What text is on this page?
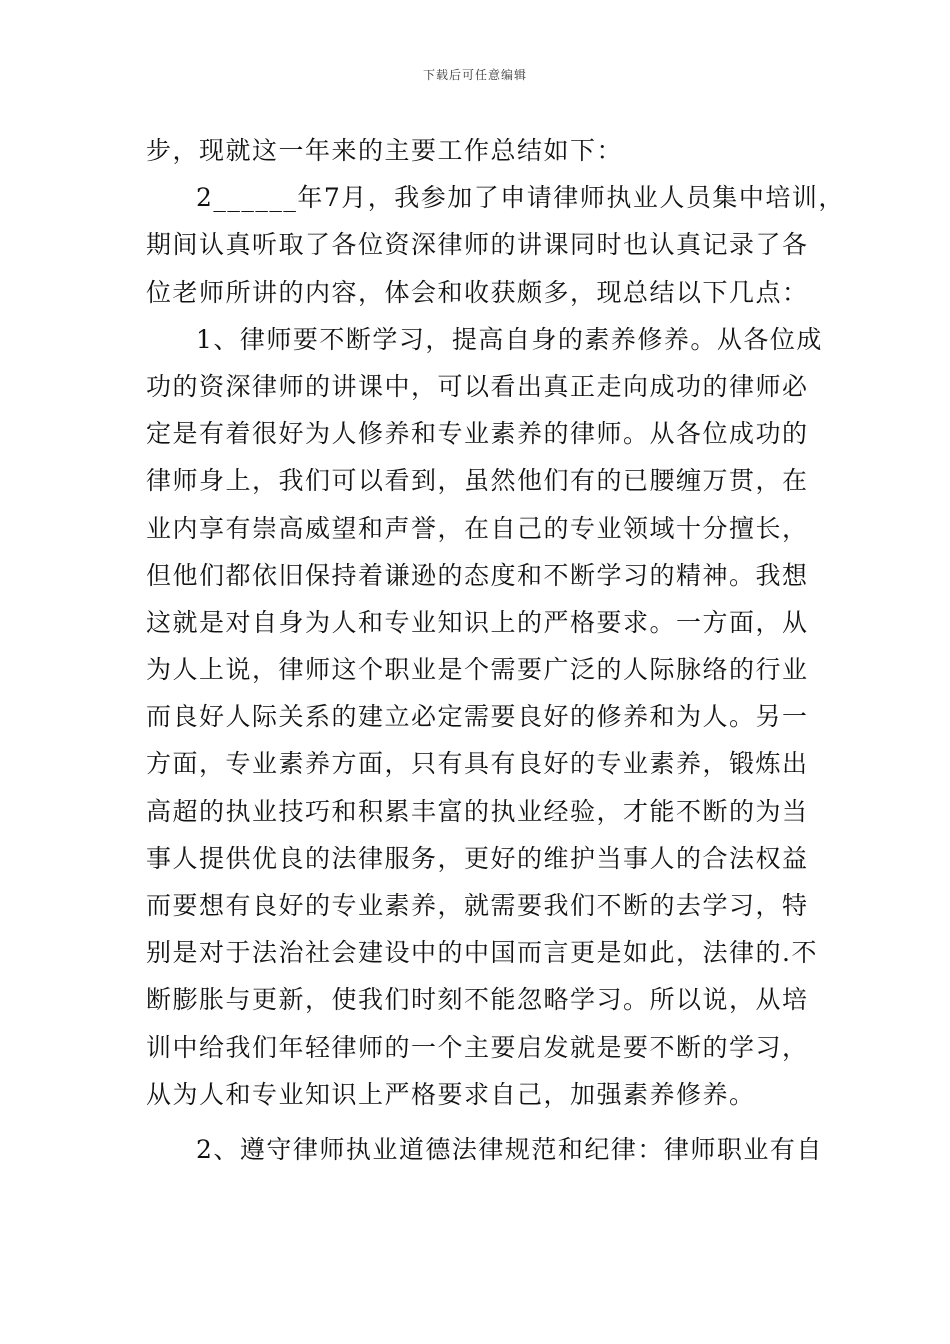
下载后可任意编辑
步，现就这一年来的主要工作总结如下：
2______年7月，我参加了申请律师执业人员集中培训，
期间认真听取了各位资深律师的讲课同时也认真记录了各
位老师所讲的内容，体会和收获颇多，现总结以下几点：
1、律师要不断学习，提高自身的素养修养。从各位成
功的资深律师的讲课中，可以看出真正走向成功的律师必
定是有着很好为人修养和专业素养的律师。从各位成功的
律师身上，我们可以看到，虽然他们有的已腰缠万贯，在
业内享有崇高威望和声誉，在自己的专业领域十分擅长，
但他们都依旧保持着谦逊的态度和不断学习的精神。我想
这就是对自身为人和专业知识上的严格要求。一方面，从
为人上说，律师这个职业是个需要广泛的人际脉络的行业
而良好人际关系的建立必定需要良好的修养和为人。另一
方面，专业素养方面，只有具有良好的专业素养，锻炼出
高超的执业技巧和积累丰富的执业经验，才能不断的为当
事人提供优良的法律服务，更好的维护当事人的合法权益
而要想有良好的专业素养，就需要我们不断的去学习，特
别是对于法治社会建设中的中国而言更是如此，法律的.不
断膨胀与更新，使我们时刻不能忽略学习。所以说，从培
训中给我们年轻律师的一个主要启发就是要不断的学习，
从为人和专业知识上严格要求自己，加强素养修养。
2、遵守律师执业道德法律规范和纪律：律师职业有自
